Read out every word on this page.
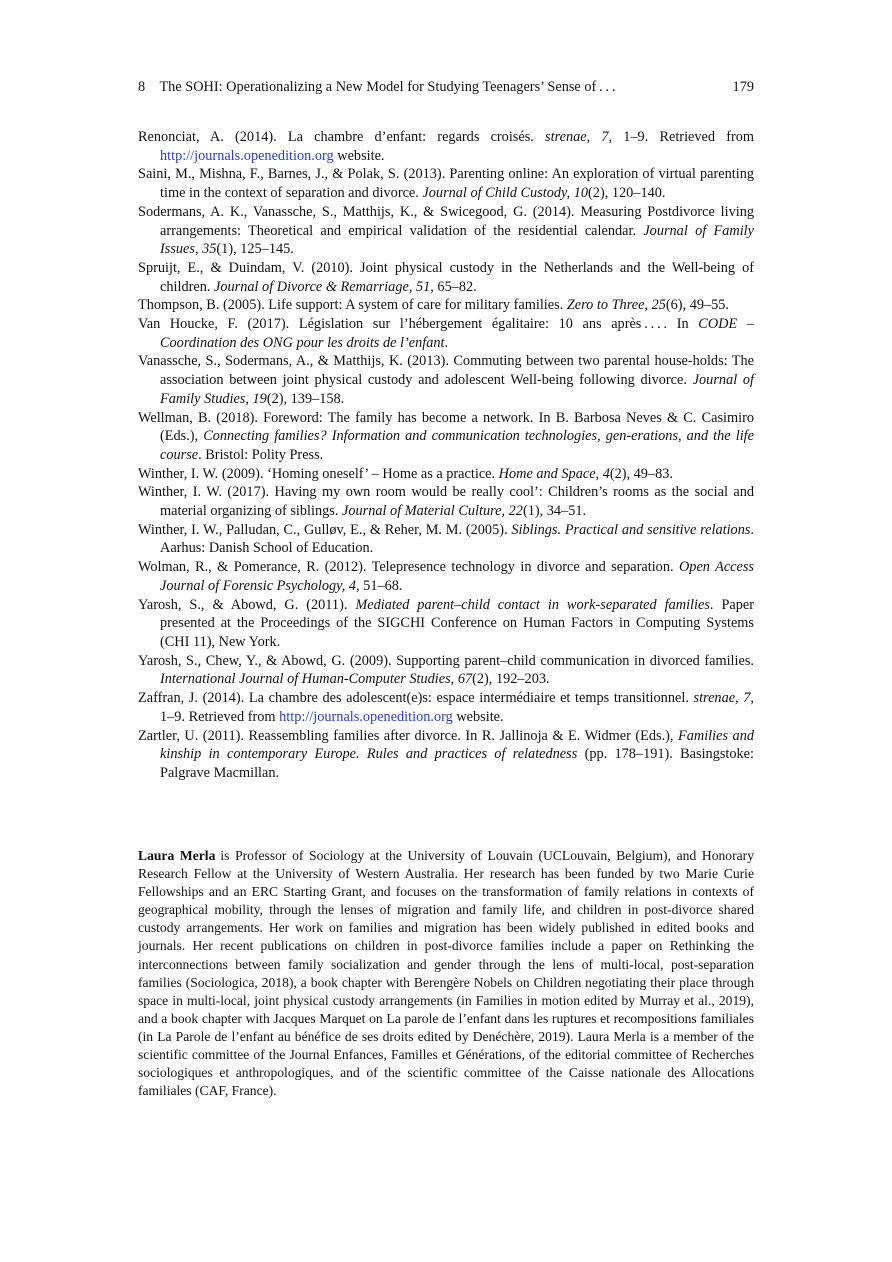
8 The SOHI: Operationalizing a New Model for Studying Teenagers’ Sense of . . .	179
Renonciat, A. (2014). La chambre d’enfant: regards croisés. strenae, 7, 1–9. Retrieved from http://journals.openedition.org website.
Saini, M., Mishna, F., Barnes, J., & Polak, S. (2013). Parenting online: An exploration of virtual parenting time in the context of separation and divorce. Journal of Child Custody, 10(2), 120–140.
Sodermans, A. K., Vanassche, S., Matthijs, K., & Swicegood, G. (2014). Measuring Postdivorce living arrangements: Theoretical and empirical validation of the residential calendar. Journal of Family Issues, 35(1), 125–145.
Spruijt, E., & Duindam, V. (2010). Joint physical custody in the Netherlands and the Well-being of children. Journal of Divorce & Remarriage, 51, 65–82.
Thompson, B. (2005). Life support: A system of care for military families. Zero to Three, 25(6), 49–55.
Van Houcke, F. (2017). Législation sur l’hébergement égalitaire: 10 ans après . . . . In CODE – Coordination des ONG pour les droits de l’enfant.
Vanassche, S., Sodermans, A., & Matthijs, K. (2013). Commuting between two parental house-holds: The association between joint physical custody and adolescent Well-being following divorce. Journal of Family Studies, 19(2), 139–158.
Wellman, B. (2018). Foreword: The family has become a network. In B. Barbosa Neves & C. Casimiro (Eds.), Connecting families? Information and communication technologies, gen-erations, and the life course. Bristol: Polity Press.
Winther, I. W. (2009). ‘Homing oneself’ – Home as a practice. Home and Space, 4(2), 49–83.
Winther, I. W. (2017). Having my own room would be really cool’: Children’s rooms as the social and material organizing of siblings. Journal of Material Culture, 22(1), 34–51.
Winther, I. W., Palludan, C., Gulløv, E., & Reher, M. M. (2005). Siblings. Practical and sensitive relations. Aarhus: Danish School of Education.
Wolman, R., & Pomerance, R. (2012). Telepresence technology in divorce and separation. Open Access Journal of Forensic Psychology, 4, 51–68.
Yarosh, S., & Abowd, G. (2011). Mediated parent–child contact in work-separated families. Paper presented at the Proceedings of the SIGCHI Conference on Human Factors in Computing Systems (CHI 11), New York.
Yarosh, S., Chew, Y., & Abowd, G. (2009). Supporting parent–child communication in divorced families. International Journal of Human-Computer Studies, 67(2), 192–203.
Zaffran, J. (2014). La chambre des adolescent(e)s: espace intermédiaire et temps transitionnel. strenae, 7, 1–9. Retrieved from http://journals.openedition.org website.
Zartler, U. (2011). Reassembling families after divorce. In R. Jallinoja & E. Widmer (Eds.), Families and kinship in contemporary Europe. Rules and practices of relatedness (pp. 178–191). Basingstoke: Palgrave Macmillan.
Laura Merla is Professor of Sociology at the University of Louvain (UCLouvain, Belgium), and Honorary Research Fellow at the University of Western Australia. Her research has been funded by two Marie Curie Fellowships and an ERC Starting Grant, and focuses on the transformation of family relations in contexts of geographical mobility, through the lenses of migration and family life, and children in post-divorce shared custody arrangements. Her work on families and migration has been widely published in edited books and journals. Her recent publications on children in post-divorce families include a paper on Rethinking the interconnections between family socialization and gender through the lens of multi-local, post-separation families (Sociologica, 2018), a book chapter with Berengère Nobels on Children negotiating their place through space in multi-local, joint physical custody arrangements (in Families in motion edited by Murray et al., 2019), and a book chapter with Jacques Marquet on La parole de l’enfant dans les ruptures et recompositions familiales (in La Parole de l’enfant au bénéfice de ses droits edited by Denéchère, 2019). Laura Merla is a member of the scientific committee of the Journal Enfances, Familles et Générations, of the editorial committee of Recherches sociologiques et anthropologiques, and of the scientific committee of the Caisse nationale des Allocations familiales (CAF, France).
